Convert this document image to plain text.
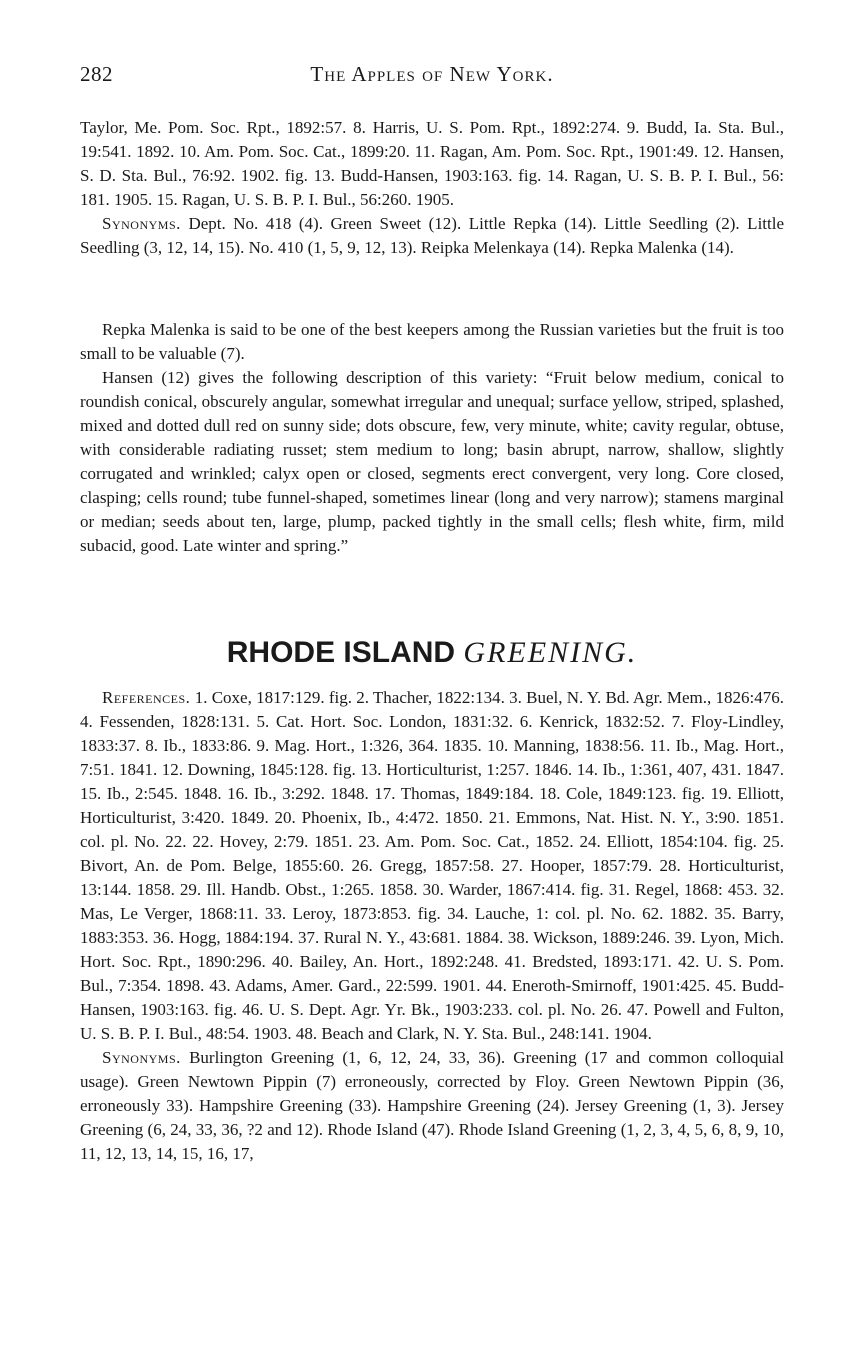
282	The Apples of New York.

Taylor, Me. Pom. Soc. Rpt., 1892:57. 8. Harris, U. S. Pom. Rpt., 1892:274. 9. Budd, Ia. Sta. Bul., 19:541. 1892. 10. Am. Pom. Soc. Cat., 1899:20. 11. Ragan, Am. Pom. Soc. Rpt., 1901:49. 12. Hansen, S. D. Sta. Bul., 76:92. 1902. fig. 13. Budd-Hansen, 1903:163. fig. 14. Ragan, U. S. B. P. I. Bul., 56: 181. 1905. 15. Ragan, U. S. B. P. I. Bul., 56:260. 1905.

Synonyms. Dept. No. 418 (4). Green Sweet (12). Little Repka (14). Little Seedling (2). Little Seedling (3, 12, 14, 15). No. 410 (1, 5, 9, 12, 13). Reipka Melenkaya (14). Repka Malenka (14).

Repka Malenka is said to be one of the best keepers among the Russian varieties but the fruit is too small to be valuable (7).

Hansen (12) gives the following description of this variety: “Fruit below medium, conical to roundish conical, obscurely angular, somewhat irregular and unequal; surface yellow, striped, splashed, mixed and dotted dull red on sunny side; dots obscure, few, very minute, white; cavity regular, obtuse, with considerable radiating russet; stem medium to long; basin abrupt, narrow, shallow, slightly corrugated and wrinkled; calyx open or closed, segments erect convergent, very long. Core closed, clasping; cells round; tube funnel-shaped, sometimes linear (long and very narrow); stamens marginal or median; seeds about ten, large, plump, packed tightly in the small cells; flesh white, firm, mild subacid, good. Late winter and spring.”

RHODE ISLAND GREENING.

References. 1. Coxe, 1817:129. fig. 2. Thacher, 1822:134. 3. Buel, N. Y. Bd. Agr. Mem., 1826:476. 4. Fessenden, 1828:131. 5. Cat. Hort. Soc. London, 1831:32. 6. Kenrick, 1832:52. 7. Floy-Lindley, 1833:37. 8. Ib., 1833:86. 9. Mag. Hort., 1:326, 364. 1835. 10. Manning, 1838:56. 11. Ib., Mag. Hort., 7:51. 1841. 12. Downing, 1845:128. fig. 13. Horticulturist, 1:257. 1846. 14. Ib., 1:361, 407, 431. 1847. 15. Ib., 2:545. 1848. 16. Ib., 3:292. 1848. 17. Thomas, 1849:184. 18. Cole, 1849:123. fig. 19. Elliott, Horticulturist, 3:420. 1849. 20. Phoenix, Ib., 4:472. 1850. 21. Emmons, Nat. Hist. N. Y., 3:90. 1851. col. pl. No. 22. 22. Hovey, 2:79. 1851. 23. Am. Pom. Soc. Cat., 1852. 24. Elliott, 1854:104. fig. 25. Bivort, An. de Pom. Belge, 1855:60. 26. Gregg, 1857:58. 27. Hooper, 1857:79. 28. Horticulturist, 13:144. 1858. 29. Ill. Handb. Obst., 1:265. 1858. 30. Warder, 1867:414. fig. 31. Regel, 1868: 453. 32. Mas, Le Verger, 1868:11. 33. Leroy, 1873:853. fig. 34. Lauche, 1: col. pl. No. 62. 1882. 35. Barry, 1883:353. 36. Hogg, 1884:194. 37. Rural N. Y., 43:681. 1884. 38. Wickson, 1889:246. 39. Lyon, Mich. Hort. Soc. Rpt., 1890:296. 40. Bailey, An. Hort., 1892:248. 41. Bredsted, 1893:171. 42. U. S. Pom. Bul., 7:354. 1898. 43. Adams, Amer. Gard., 22:599. 1901. 44. Eneroth-Smirnoff, 1901:425. 45. Budd-Hansen, 1903:163. fig. 46. U. S. Dept. Agr. Yr. Bk., 1903:233. col. pl. No. 26. 47. Powell and Fulton, U. S. B. P. I. Bul., 48:54. 1903. 48. Beach and Clark, N. Y. Sta. Bul., 248:141. 1904.

Synonyms. Burlington Greening (1, 6, 12, 24, 33, 36). Greening (17 and common colloquial usage). Green Newtown Pippin (7) erroneously, corrected by Floy. Green Newtown Pippin (36, erroneously 33). Hampshire Greening (33). Hampshire Greening (24). Jersey Greening (1, 3). Jersey Greening (6, 24, 33, 36, ?2 and 12). Rhode Island (47). Rhode Island Greening (1, 2, 3, 4, 5, 6, 8, 9, 10, 11, 12, 13, 14, 15, 16, 17,
